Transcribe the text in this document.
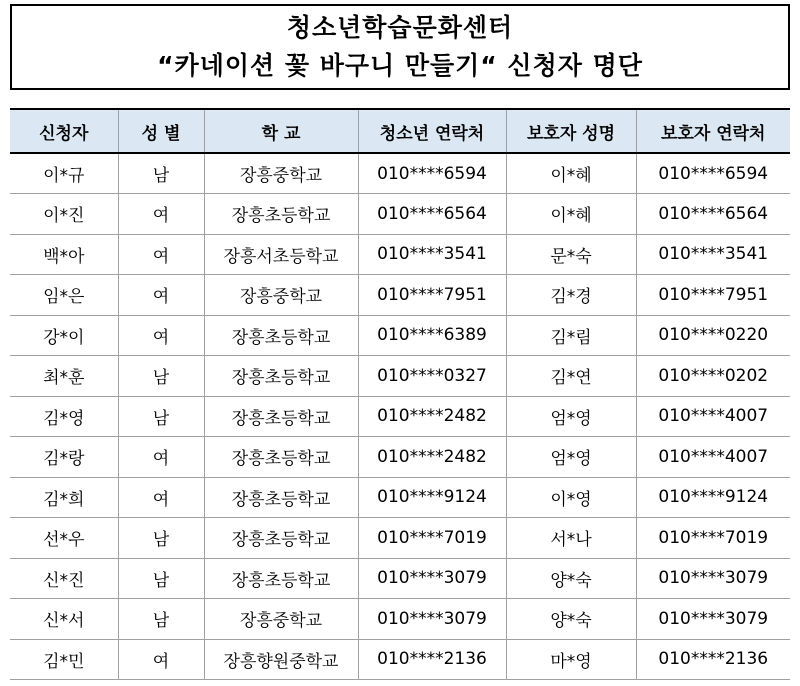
청소년학습문화센터
“카네이션 꽃 바구니 만들기“ 신청자 명단
신청자	성 별	학 교	청소년 연락처	보호자 성명	보호자 연락처
이*규	남	장흥중학교	010****6594	이*혜	010****6594
이*진	여	장흥초등학교	010****6564	이*혜	010****6564
백*아	여	장흥서초등학교	010****3541	문*숙	010****3541
임*은	여	장흥중학교	010****7951	김*경	010****7951
강*이	여	장흥초등학교	010****6389	김*림	010****0220
최*훈	남	장흥초등학교	010****0327	김*연	010****0202
김*영	남	장흥초등학교	010****2482	엄*영	010****4007
김*랑	여	장흥초등학교	010****2482	엄*영	010****4007
김*희	여	장흥초등학교	010****9124	이*영	010****9124
선*우	남	장흥초등학교	010****7019	서*나	010****7019
신*진	남	장흥초등학교	010****3079	양*숙	010****3079
신*서	남	장흥중학교	010****3079	양*숙	010****3079
김*민	여	장흥향원중학교	010****2136	마*영	010****2136
